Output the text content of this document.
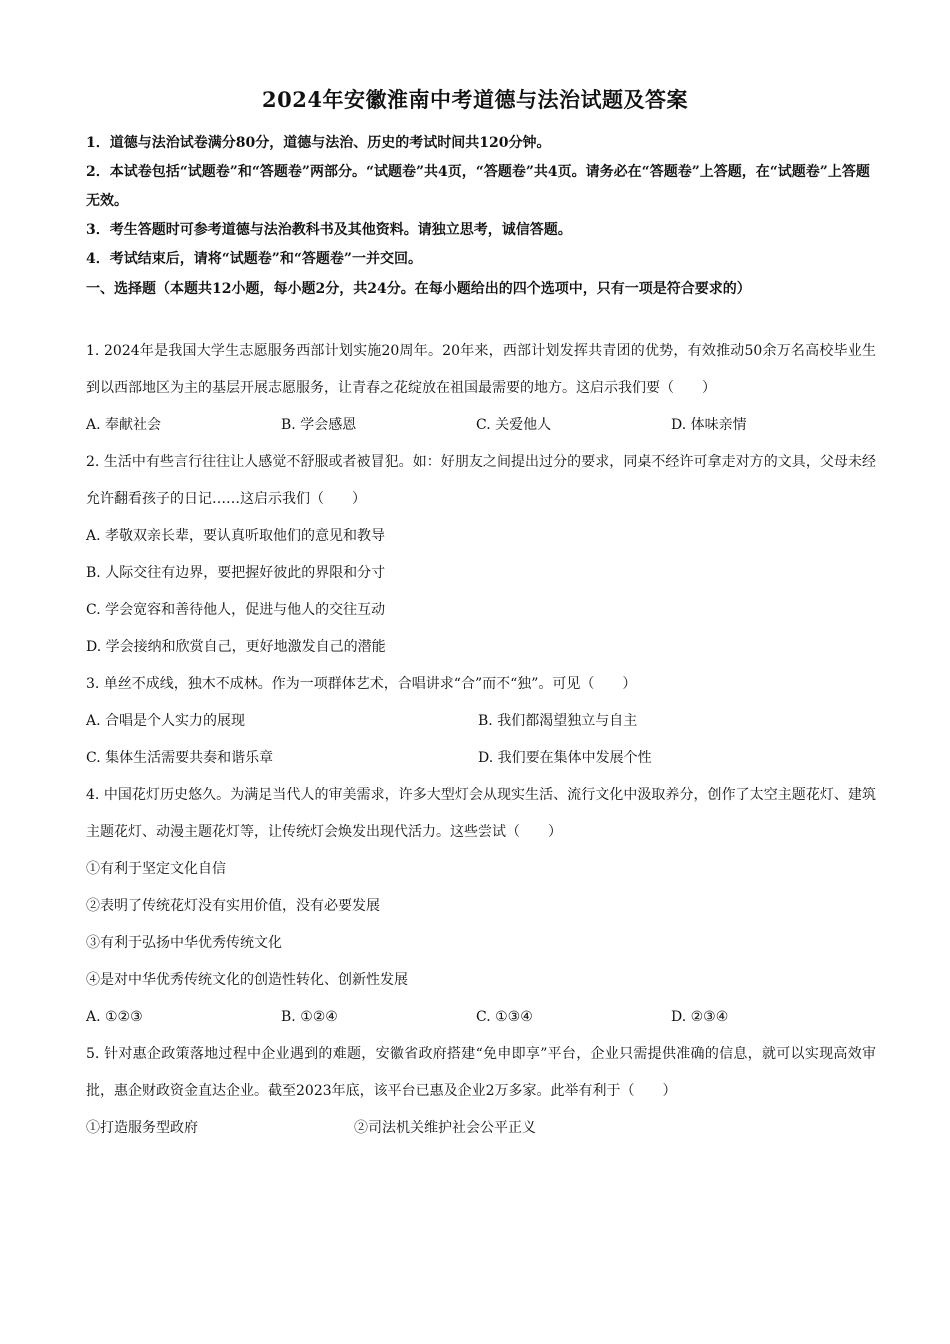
2024年安徽淮南中考道德与法治试题及答案

1．道德与法治试卷满分80分，道德与法治、历史的考试时间共120分钟。

2．本试卷包括“试题卷”和“答题卷”两部分。“试题卷”共4页，“答题卷”共4页。请务必在“答题卷”上答题，在“试题卷”上答题无效。

3．考生答题时可参考道德与法治教科书及其他资料。请独立思考，诚信答题。

4．考试结束后，请将“试题卷”和“答题卷”一并交回。

一、选择题（本题共12小题，每小题2分，共24分。在每小题给出的四个选项中，只有一项是符合要求的）

1. 2024年是我国大学生志愿服务西部计划实施20周年。20年来，西部计划发挥共青团的优势，有效推动50余万名高校毕业生到以西部地区为主的基层开展志愿服务，让青春之花绽放在祖国最需要的地方。这启示我们要（　　）

A. 奉献社会	B. 学会感恩	C. 关爱他人	D. 体味亲情

2. 生活中有些言行往往让人感觉不舒服或者被冒犯。如：好朋友之间提出过分的要求，同桌不经许可拿走对方的文具，父母未经允许翻看孩子的日记……这启示我们（　　）

A. 孝敬双亲长辈，要认真听取他们的意见和教导

B. 人际交往有边界，要把握好彼此的界限和分寸

C. 学会宽容和善待他人，促进与他人的交往互动

D. 学会接纳和欣赏自己，更好地激发自己的潜能

3. 单丝不成线，独木不成林。作为一项群体艺术，合唱讲求“合”而不“独”。可见（　　）

A. 合唱是个人实力的展现	B. 我们都渴望独立与自主
C. 集体生活需要共奏和谐乐章	D. 我们要在集体中发展个性

4. 中国花灯历史悠久。为满足当代人的审美需求，许多大型灯会从现实生活、流行文化中汲取养分，创作了太空主题花灯、建筑主题花灯、动漫主题花灯等，让传统灯会焕发出现代活力。这些尝试（　　）

①有利于坚定文化自信

②表明了传统花灯没有实用价值，没有必要发展

③有利于弘扬中华优秀传统文化

④是对中华优秀传统文化的创造性转化、创新性发展

A. ①②③	B. ①②④	C. ①③④	D. ②③④

5. 针对惠企政策落地过程中企业遇到的难题，安徽省政府搭建“免申即享”平台，企业只需提供准确的信息，就可以实现高效审批，惠企财政资金直达企业。截至2023年底，该平台已惠及企业2万多家。此举有利于（　　）

①打造服务型政府	②司法机关维护社会公平正义
